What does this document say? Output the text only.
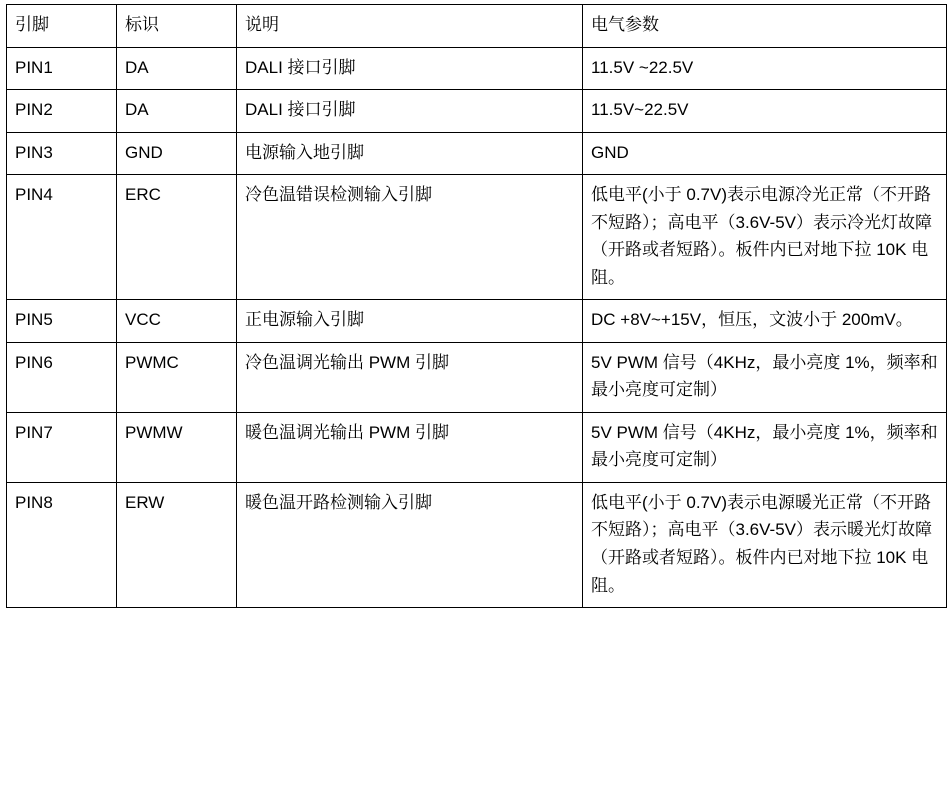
引脚	标识	说明	电气参数
PIN1	DA	DALI 接口引脚	11.5V ~22.5V
PIN2	DA	DALI 接口引脚	11.5V~22.5V
PIN3	GND	电源输入地引脚	GND
PIN4	ERC	冷色温错误检测输入引脚	低电平(小于 0.7V)表示电源冷光正常（不开路不短路）；高电平（3.6V-5V）表示冷光灯故障（开路或者短路）。板件内已对地下拉 10K 电阻。
PIN5	VCC	正电源输入引脚	DC +8V~+15V，恒压，文波小于 200mV。
PIN6	PWMC	冷色温调光输出 PWM 引脚	5V PWM 信号（4KHz，最小亮度 1%，频率和最小亮度可定制）
PIN7	PWMW	暖色温调光输出 PWM 引脚	5V PWM 信号（4KHz，最小亮度 1%，频率和最小亮度可定制）
PIN8	ERW	暖色温开路检测输入引脚	低电平(小于 0.7V)表示电源暖光正常（不开路不短路）；高电平（3.6V-5V）表示暖光灯故障（开路或者短路）。板件内已对地下拉 10K 电阻。
